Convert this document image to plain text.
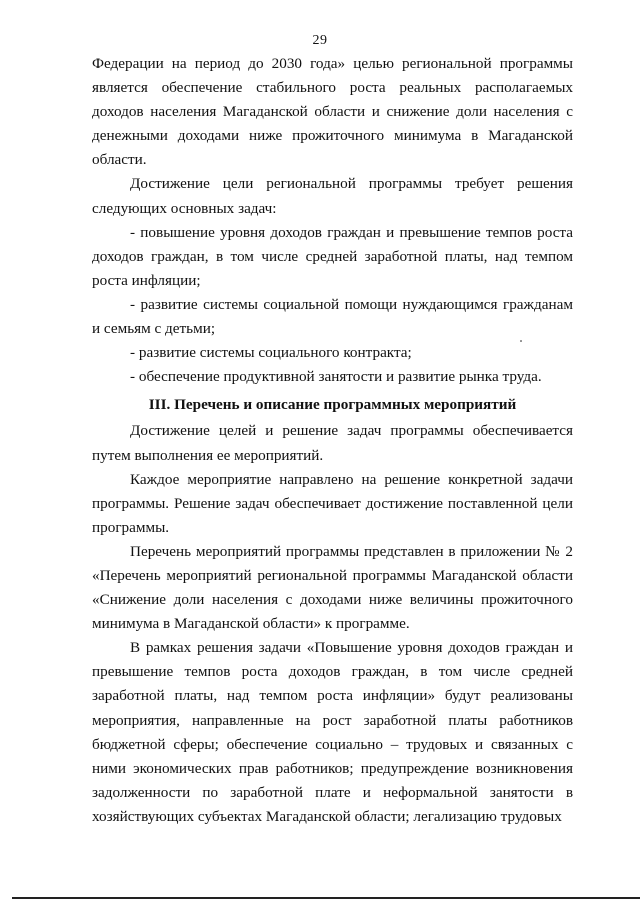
29

Федерации на период до 2030 года» целью региональной программы является обеспечение стабильного роста реальных располагаемых доходов населения Магаданской области и снижение доли населения с денежными доходами ниже прожиточного минимума в Магаданской области.

Достижение цели региональной программы требует решения следующих основных задач:

- повышение уровня доходов граждан и превышение темпов роста доходов граждан, в том числе средней заработной платы, над темпом роста инфляции;

- развитие системы социальной помощи нуждающимся гражданам и семьям с детьми;

- развитие системы социального контракта;

- обеспечение продуктивной занятости и развитие рынка труда.

III. Перечень и описание программных мероприятий

Достижение целей и решение задач программы обеспечивается путем выполнения ее мероприятий.

Каждое мероприятие направлено на решение конкретной задачи программы. Решение задач обеспечивает достижение поставленной цели программы.

Перечень мероприятий программы представлен в приложении № 2 «Перечень мероприятий региональной программы Магаданской области «Снижение доли населения с доходами ниже величины прожиточного минимума в Магаданской области» к программе.

В рамках решения задачи «Повышение уровня доходов граждан и превышение темпов роста доходов граждан, в том числе средней заработной платы, над темпом роста инфляции» будут реализованы мероприятия, направленные на рост заработной платы работников бюджетной сферы; обеспечение социально – трудовых и связанных с ними экономических прав работников; предупреждение возникновения задолженности по заработной плате и неформальной занятости в хозяйствующих субъектах Магаданской области; легализацию трудовых
